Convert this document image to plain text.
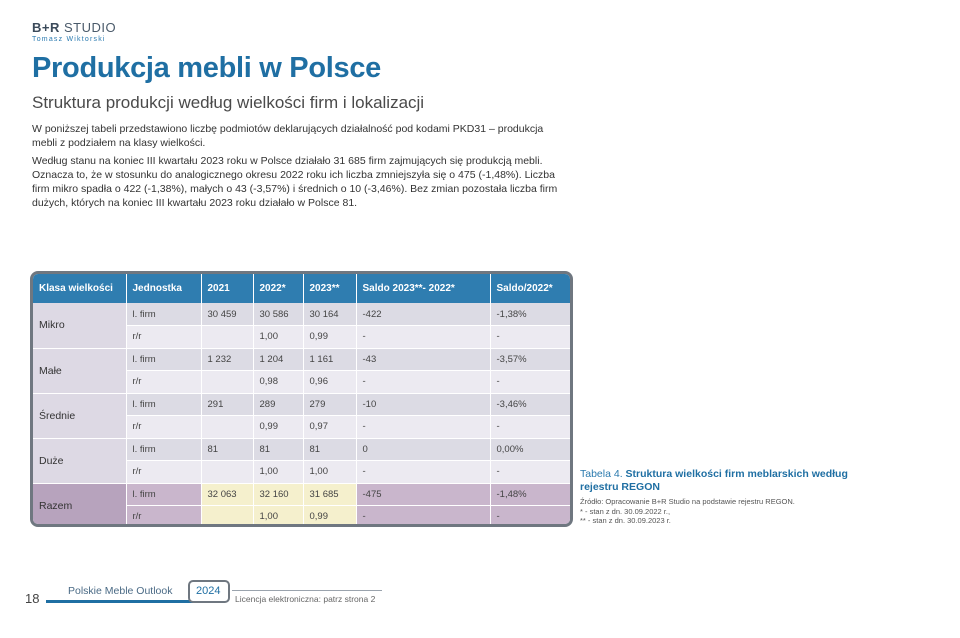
B+R STUDIO
Tomasz Wiktorski
Produkcja mebli w Polsce
Struktura produkcji według wielkości firm i lokalizacji

W poniższej tabeli przedstawiono liczbę podmiotów deklarujących działalność pod kodami PKD31 – produkcja mebli z podziałem na klasy wielkości.

Według stanu na koniec III kwartału 2023 roku w Polsce działało 31 685 firm zajmujących się produkcją mebli. Oznacza to, że w stosunku do analogicznego okresu 2022 roku ich liczba zmniejszyła się o 475 (-1,48%). Liczba firm mikro spadła o 422 (-1,38%), małych o 43 (-3,57%) i średnich o 10 (-3,46%). Bez zmian pozostała liczba firm dużych, których na koniec III kwartału 2023 roku działało w Polsce 81.

Klasa wielkości	Jednostka	2021	2022*	2023**	Saldo 2023**- 2022*	Saldo/2022*
Mikro	l. firm	30 459	30 586	30 164	-422	-1,38%
	r/r		1,00	0,99	-	-
Małe	l. firm	1 232	1 204	1 161	-43	-3,57%
	r/r		0,98	0,96	-	-
Średnie	l. firm	291	289	279	-10	-3,46%
	r/r		0,99	0,97	-	-
Duże	l. firm	81	81	81	0	0,00%
	r/r		1,00	1,00	-	-
Razem	l. firm	32 063	32 160	31 685	-475	-1,48%
	r/r		1,00	0,99	-	-
Tabela 4. Struktura wielkości firm meblarskich według rejestru REGON
Źródło: Opracowanie B+R Studio na podstawie rejestru REGON.
* - stan z dn. 30.09.2022 r.,
** - stan z dn. 30.09.2023 r.
18	Polskie Meble Outlook	2024
Licencja elektroniczna: patrz strona 2
